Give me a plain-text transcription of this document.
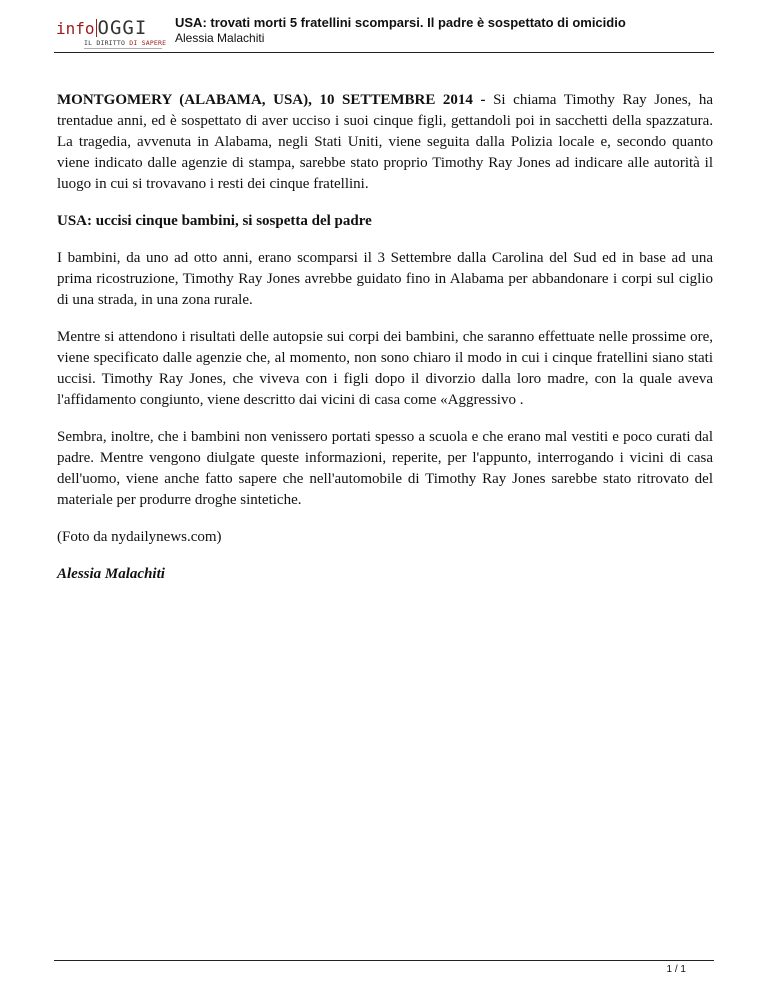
info OGGI
IL DIRITTO DI SAPERE
USA: trovati morti 5 fratellini scomparsi. Il padre è sospettato di omicidio
Alessia Malachiti

MONTGOMERY (ALABAMA, USA), 10 SETTEMBRE 2014 - Si chiama Timothy Ray Jones, ha trentadue anni, ed è sospettato di aver ucciso i suoi cinque figli, gettandoli poi in sacchetti della spazzatura. La tragedia, avvenuta in Alabama, negli Stati Uniti, viene seguita dalla Polizia locale e, secondo quanto viene indicato dalle agenzie di stampa, sarebbe stato proprio Timothy Ray Jones ad indicare alle autorità il luogo in cui si trovavano i resti dei cinque fratellini.

USA: uccisi cinque bambini, si sospetta del padre

I bambini, da uno ad otto anni, erano scomparsi il 3 Settembre dalla Carolina del Sud ed in base ad una prima ricostruzione, Timothy Ray Jones avrebbe guidato fino in Alabama per abbandonare i corpi sul ciglio di una strada, in una zona rurale.

Mentre si attendono i risultati delle autopsie sui corpi dei bambini, che saranno effettuate nelle prossime ore, viene specificato dalle agenzie che, al momento, non sono chiaro il modo in cui i cinque fratellini siano stati uccisi. Timothy Ray Jones, che viveva con i figli dopo il divorzio dalla loro madre, con la quale aveva l'affidamento congiunto, viene descritto dai vicini di casa come «Aggressivo .

Sembra, inoltre, che i bambini non venissero portati spesso a scuola e che erano mal vestiti e poco curati dal padre. Mentre vengono diulgate queste informazioni, reperite, per l'appunto, interrogando i vicini di casa dell'uomo, viene anche fatto sapere che nell'automobile di Timothy Ray Jones sarebbe stato ritrovato del materiale per produrre droghe sintetiche.

(Foto da nydailynews.com)

Alessia Malachiti

1 / 1
